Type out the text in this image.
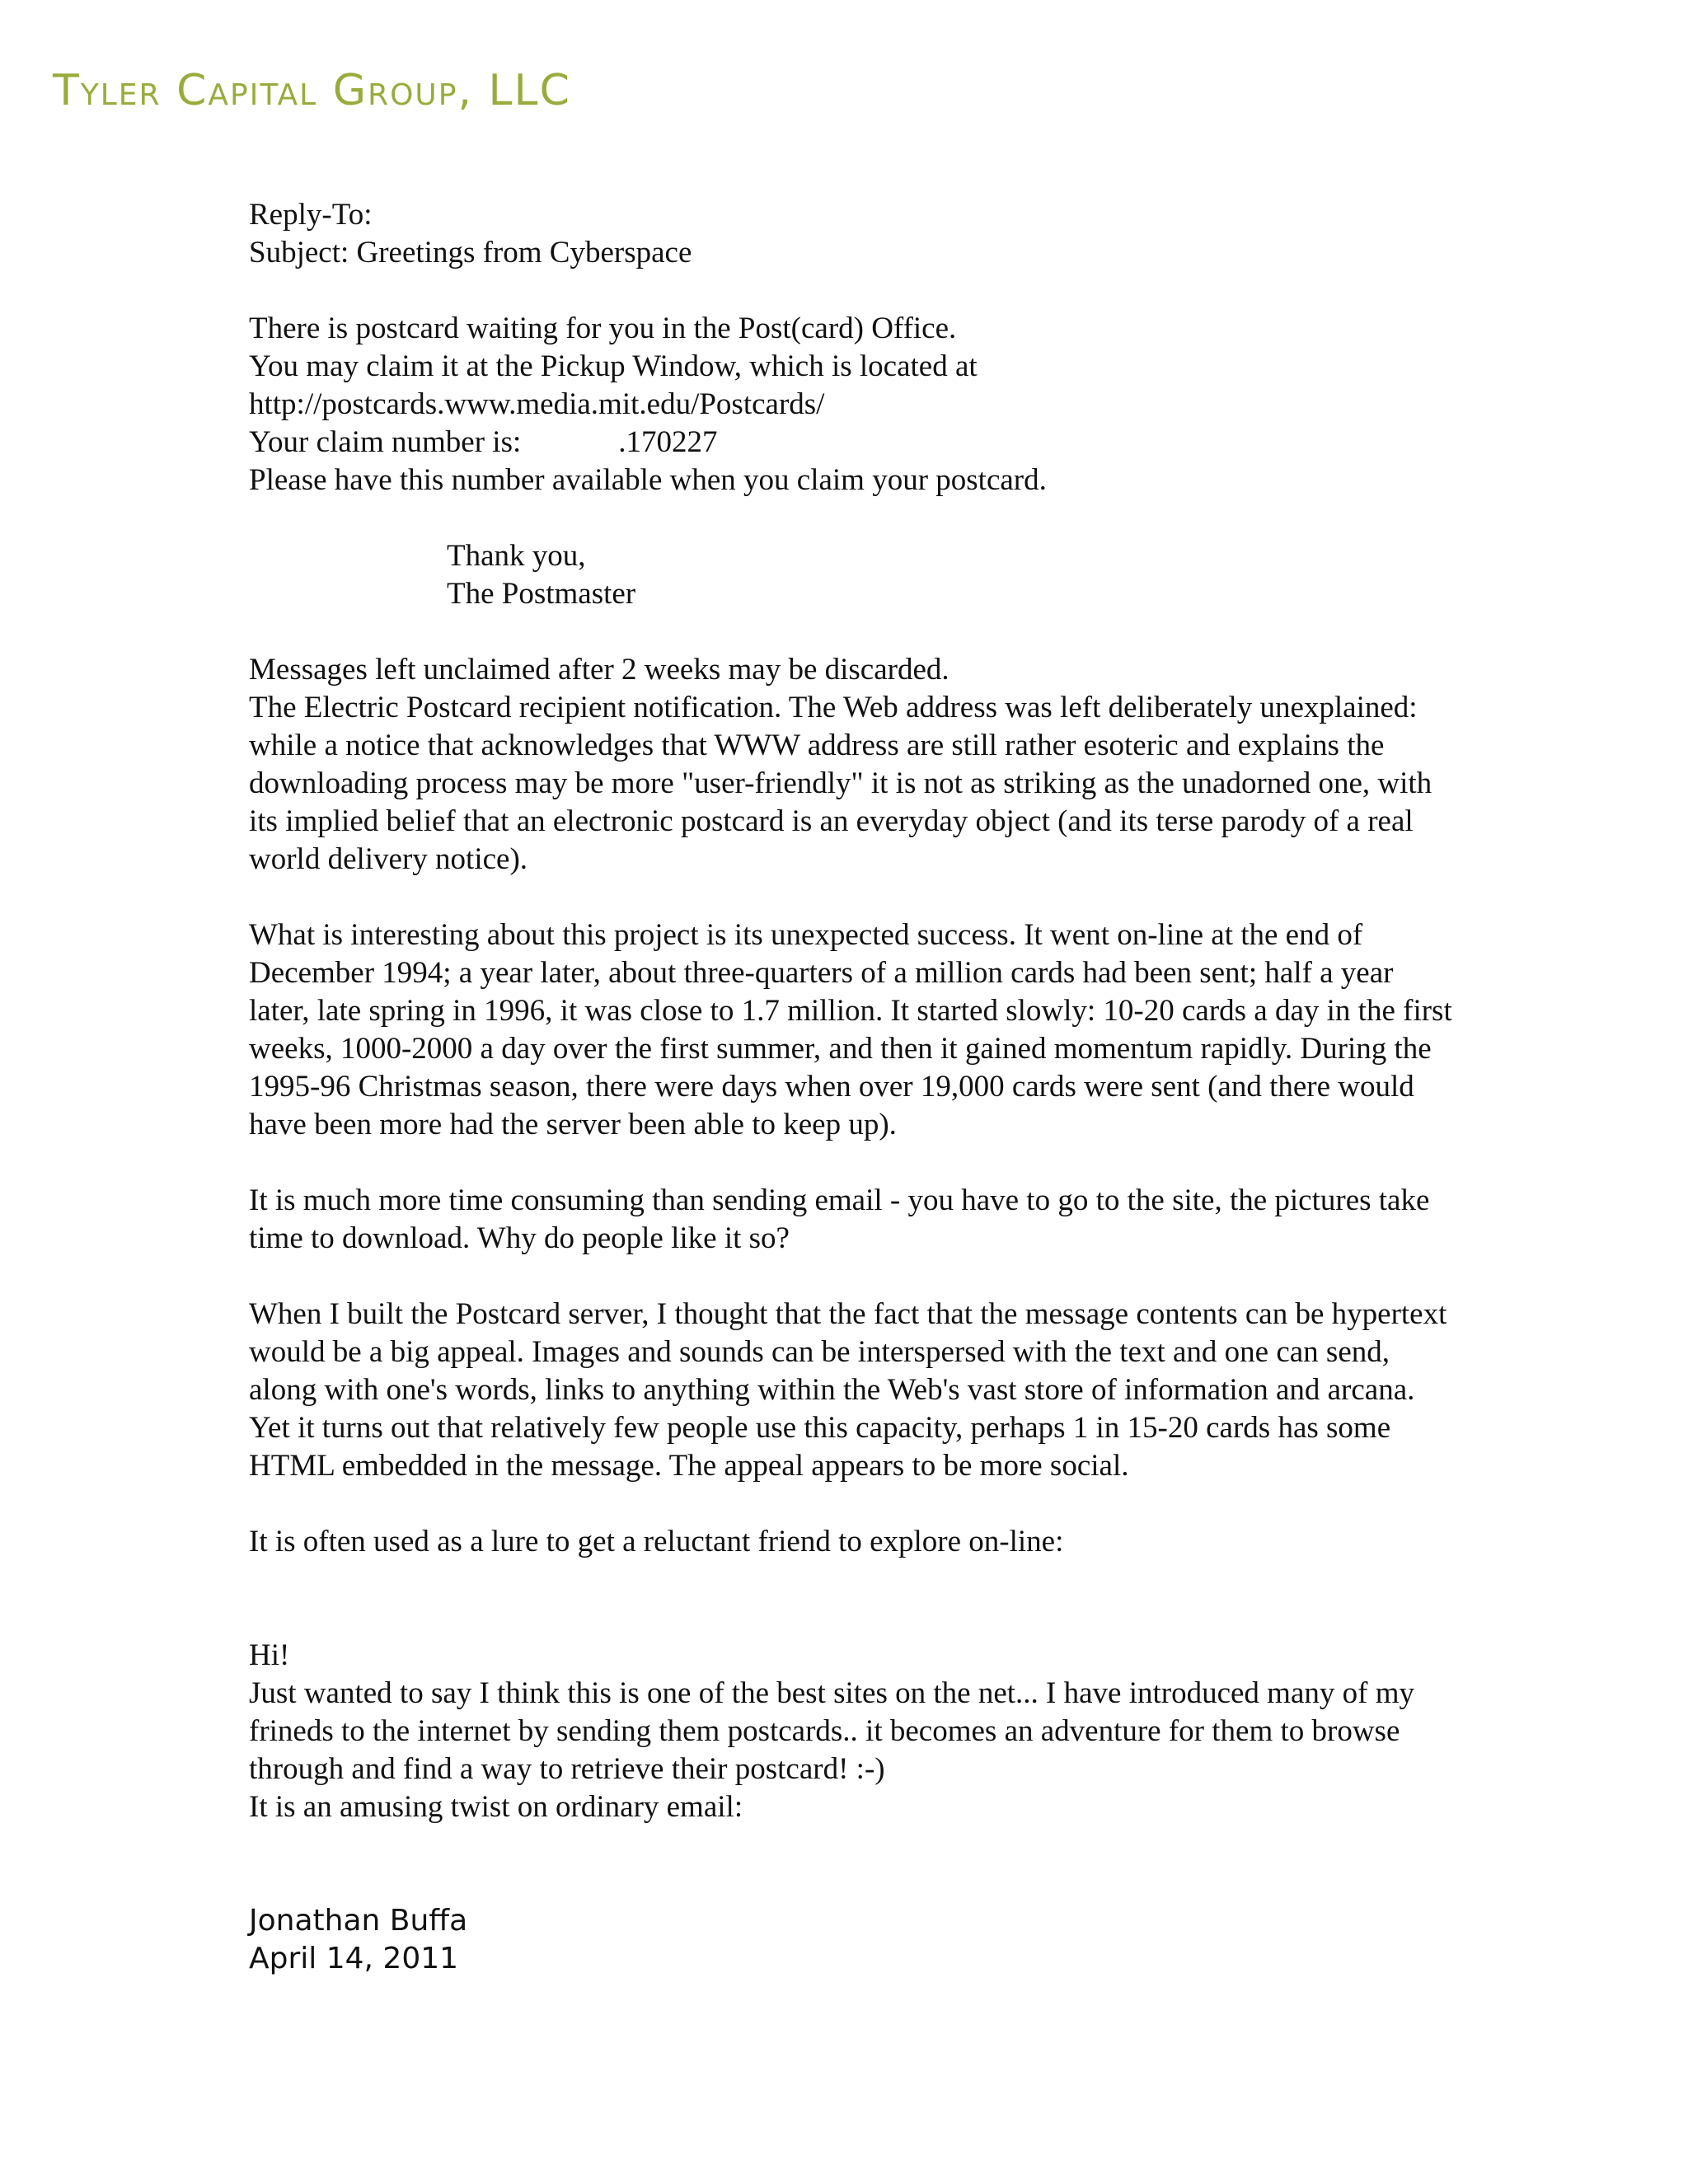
Tyler Capital Group, LLC
Reply-To:
Subject: Greetings from Cyberspace
There is postcard waiting for you in the Post(card) Office.
You may claim it at the Pickup Window, which is located at
http://postcards.www.media.mit.edu/Postcards/
Your claim number is:	.170227
Please have this number available when you claim your postcard.
Thank you,
The Postmaster
Messages left unclaimed after 2 weeks may be discarded.

The Electric Postcard recipient notification. The Web address was left deliberately unexplained: while a notice that acknowledges that WWW address are still rather esoteric and explains the downloading process may be more "user-friendly" it is not as striking as the unadorned one, with its implied belief that an electronic postcard is an everyday object (and its terse parody of a real world delivery notice).

What is interesting about this project is its unexpected success. It went on-line at the end of December 1994; a year later, about three-quarters of a million cards had been sent; half a year later, late spring in 1996, it was close to 1.7 million. It started slowly: 10-20 cards a day in the first weeks, 1000-2000 a day over the first summer, and then it gained momentum rapidly. During the 1995-96 Christmas season, there were days when over 19,000 cards were sent (and there would have been more had the server been able to keep up).

It is much more time consuming than sending email - you have to go to the site, the pictures take time to download. Why do people like it so?

When I built the Postcard server, I thought that the fact that the message contents can be hypertext would be a big appeal. Images and sounds can be interspersed with the text and one can send, along with one's words, links to anything within the Web's vast store of information and arcana. Yet it turns out that relatively few people use this capacity, perhaps 1 in 15-20 cards has some HTML embedded in the message. The appeal appears to be more social.

It is often used as a lure to get a reluctant friend to explore on-line:

Hi!

Just wanted to say I think this is one of the best sites on the net... I have introduced many of my frineds to the internet by sending them postcards.. it becomes an adventure for them to browse through and find a way to retrieve their postcard! :-)

It is an amusing twist on ordinary email:
Jonathan Buffa
April 14, 2011
